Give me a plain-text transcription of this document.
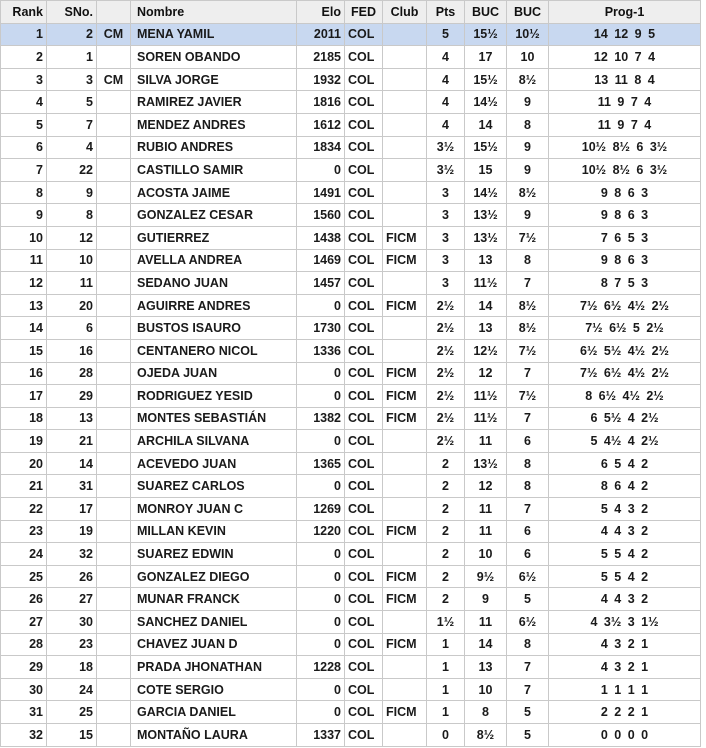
Rank	SNo.		Nombre	Elo	FED	Club	Pts	BUC	BUC	Prog-1
1	2	CM	MENA YAMIL	2011	COL		5	15½	10½	14 12 9 5
2	1		SOREN OBANDO	2185	COL		4	17	10	12 10 7 4
3	3	CM	SILVA JORGE	1932	COL		4	15½	8½	13 11 8 4
4	5		RAMIREZ JAVIER	1816	COL		4	14½	9	11 9 7 4
5	7		MENDEZ ANDRES	1612	COL		4	14	8	11 9 7 4
6	4		RUBIO ANDRES	1834	COL		3½	15½	9	10½ 8½ 6 3½
7	22		CASTILLO SAMIR	0	COL		3½	15	9	10½ 8½ 6 3½
8	9		ACOSTA JAIME	1491	COL		3	14½	8½	9 8 6 3
9	8		GONZALEZ CESAR	1560	COL		3	13½	9	9 8 6 3
10	12		GUTIERREZ	1438	COL	FICM	3	13½	7½	7 6 5 3
11	10		AVELLA ANDREA	1469	COL	FICM	3	13	8	9 8 6 3
12	11		SEDANO JUAN	1457	COL		3	11½	7	8 7 5 3
13	20		AGUIRRE ANDRES	0	COL	FICM	2½	14	8½	7½ 6½ 4½ 2½
14	6		BUSTOS ISAURO	1730	COL		2½	13	8½	7½ 6½ 5 2½
15	16		CENTANERO NICOL	1336	COL		2½	12½	7½	6½ 5½ 4½ 2½
16	28		OJEDA JUAN	0	COL	FICM	2½	12	7	7½ 6½ 4½ 2½
17	29		RODRIGUEZ YESID	0	COL	FICM	2½	11½	7½	8 6½ 4½ 2½
18	13		MONTES SEBASTIÁN	1382	COL	FICM	2½	11½	7	6 5½ 4 2½
19	21		ARCHILA SILVANA	0	COL		2½	11	6	5 4½ 4 2½
20	14		ACEVEDO JUAN	1365	COL		2	13½	8	6 5 4 2
21	31		SUAREZ CARLOS	0	COL		2	12	8	8 6 4 2
22	17		MONROY JUAN C	1269	COL		2	11	7	5 4 3 2
23	19		MILLAN KEVIN	1220	COL	FICM	2	11	6	4 4 3 2
24	32		SUAREZ EDWIN	0	COL		2	10	6	5 5 4 2
25	26		GONZALEZ DIEGO	0	COL	FICM	2	9½	6½	5 5 4 2
26	27		MUNAR FRANCK	0	COL	FICM	2	9	5	4 4 3 2
27	30		SANCHEZ DANIEL	0	COL		1½	11	6½	4 3½ 3 1½
28	23		CHAVEZ JUAN D	0	COL	FICM	1	14	8	4 3 2 1
29	18		PRADA JHONATHAN	1228	COL		1	13	7	4 3 2 1
30	24		COTE SERGIO	0	COL		1	10	7	1 1 1 1
31	25		GARCIA DANIEL	0	COL	FICM	1	8	5	2 2 2 1
32	15		MONTAÑO LAURA	1337	COL		0	8½	5	0 0 0 0
